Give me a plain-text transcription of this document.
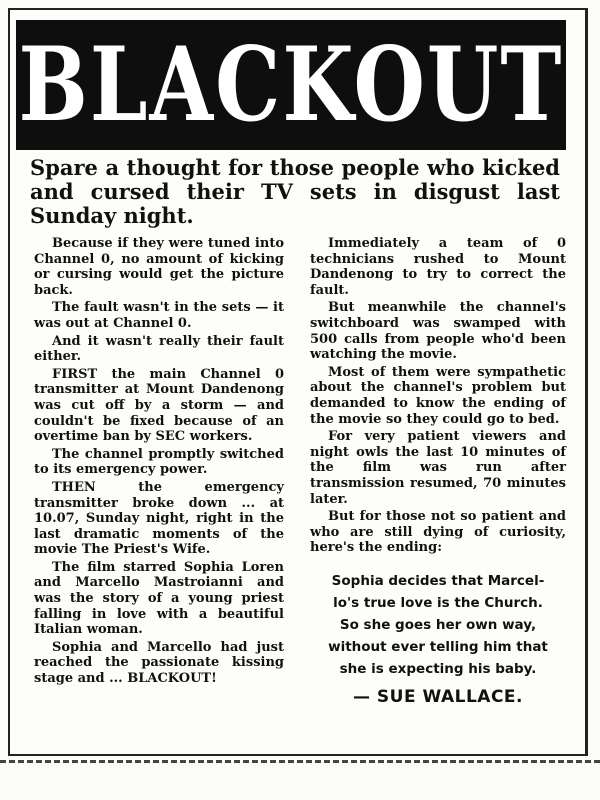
BLACKOUT

Spare a thought for those people who kicked and cursed their TV sets in disgust last Sunday night.

Because if they were tuned into Channel 0, no amount of kicking or cursing would get the picture back.

The fault wasn't in the sets — it was out at Channel 0.

And it wasn't really their fault either.

FIRST the main Channel 0 transmitter at Mount Dandenong was cut off by a storm — and couldn't be fixed because of an overtime ban by SEC workers.

The channel promptly switched to its emergency power.

THEN the emergency transmitter broke down ... at 10.07, Sunday night, right in the last dramatic moments of the movie The Priest's Wife.

The film starred Sophia Loren and Marcello Mastroianni and was the story of a young priest falling in love with a beautiful Italian woman.

Sophia and Marcello had just reached the passionate kissing stage and ... BLACKOUT!

Immediately a team of 0 technicians rushed to Mount Dandenong to try to correct the fault.

But meanwhile the channel's switchboard was swamped with 500 calls from people who'd been watching the movie.

Most of them were sympathetic about the channel's problem but demanded to know the ending of the movie so they could go to bed.

For very patient viewers and night owls the last 10 minutes of the film was run after transmission resumed, 70 minutes later.

But for those not so patient and who are still dying of curiosity, here's the ending:

Sophia decides that Marcel-
lo's true love is the Church.
So she goes her own way,
without ever telling him that
she is expecting his baby.
— SUE WALLACE.
